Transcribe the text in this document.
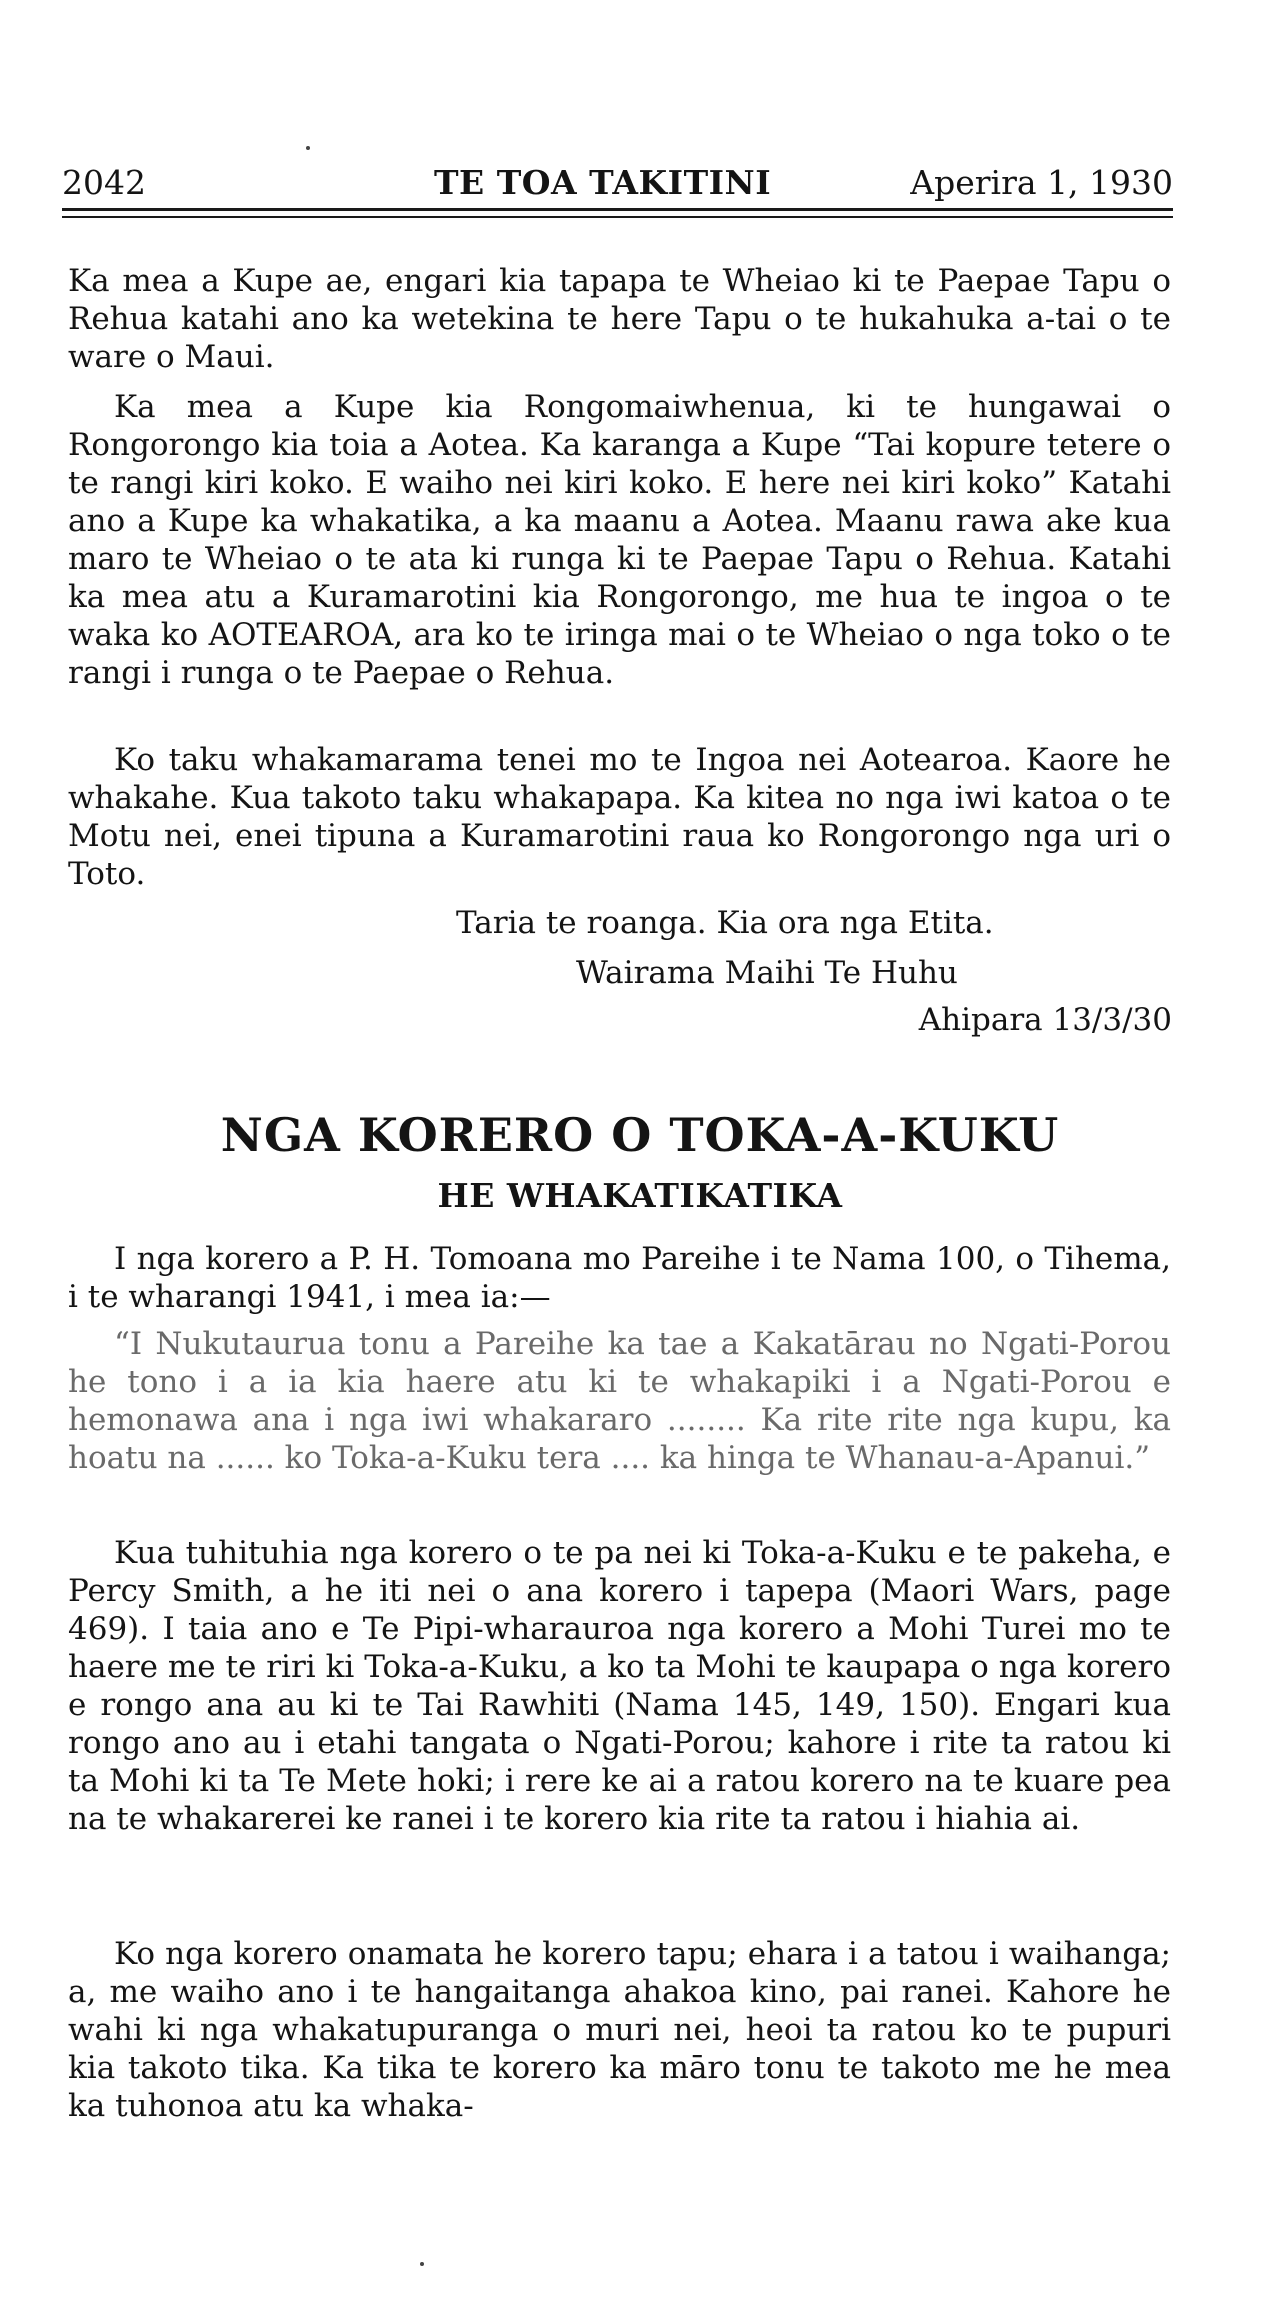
2042	TE TOA TAKITINI	Aperira 1, 1930

Ka mea a Kupe ae, engari kia tapapa te Wheiao ki te Paepae Tapu o Rehua katahi ano ka wetekina te here Tapu o te hukahuka a-tai o te ware o Maui.

Ka mea a Kupe kia Rongomaiwhenua, ki te hungawai o Rongorongo kia toia a Aotea. Ka karanga a Kupe “Tai kopure tetere o te rangi kiri koko. E waiho nei kiri koko. E here nei kiri koko” Katahi ano a Kupe ka whakatika, a ka maanu a Aotea. Maanu rawa ake kua maro te Wheiao o te ata ki runga ki te Paepae Tapu o Rehua. Katahi ka mea atu a Kuramarotini kia Rongorongo, me hua te ingoa o te waka ko AOTEAROA, ara ko te iringa mai o te Wheiao o nga toko o te rangi i runga o te Paepae o Rehua.

Ko taku whakamarama tenei mo te Ingoa nei Aotearoa. Kaore he whakahe. Kua takoto taku whakapapa. Ka kitea no nga iwi katoa o te Motu nei, enei tipuna a Kuramarotini raua ko Rongorongo nga uri o Toto.

Taria te roanga. Kia ora nga Etita.
Wairama Maihi Te Huhu
Ahipara 13/3/30
NGA KORERO O TOKA-A-KUKU
HE WHAKATIKATIKA

I nga korero a P. H. Tomoana mo Pareihe i te Nama 100, o Tihema, i te wharangi 1941, i mea ia:—

“I Nukutaurua tonu a Pareihe ka tae a Kakatārau no Ngati-Porou he tono i a ia kia haere atu ki te whakapiki i a Ngati-Porou e hemonawa ana i nga iwi whakararo ........ Ka rite rite nga kupu, ka hoatu na ...... ko Toka-a-Kuku tera .... ka hinga te Whanau-a-Apanui.”

Kua tuhituhia nga korero o te pa nei ki Toka-a-Kuku e te pakeha, e Percy Smith, a he iti nei o ana korero i tapepa (Maori Wars, page 469). I taia ano e Te Pipi-wharauroa nga korero a Mohi Turei mo te haere me te riri ki Toka-a-Kuku, a ko ta Mohi te kaupapa o nga korero e rongo ana au ki te Tai Rawhiti (Nama 145, 149, 150). Engari kua rongo ano au i etahi tangata o Ngati-Porou; kahore i rite ta ratou ki ta Mohi ki ta Te Mete hoki; i rere ke ai a ratou korero na te kuare pea na te whakarerei ke ranei i te korero kia rite ta ratou i hiahia ai.

Ko nga korero onamata he korero tapu; ehara i a tatou i waihanga; a, me waiho ano i te hangaitanga ahakoa kino, pai ranei. Kahore he wahi ki nga whakatupuranga o muri nei, heoi ta ratou ko te pupuri kia takoto tika. Ka tika te korero ka māro tonu te takoto me he mea ka tuhonoa atu ka whaka-
